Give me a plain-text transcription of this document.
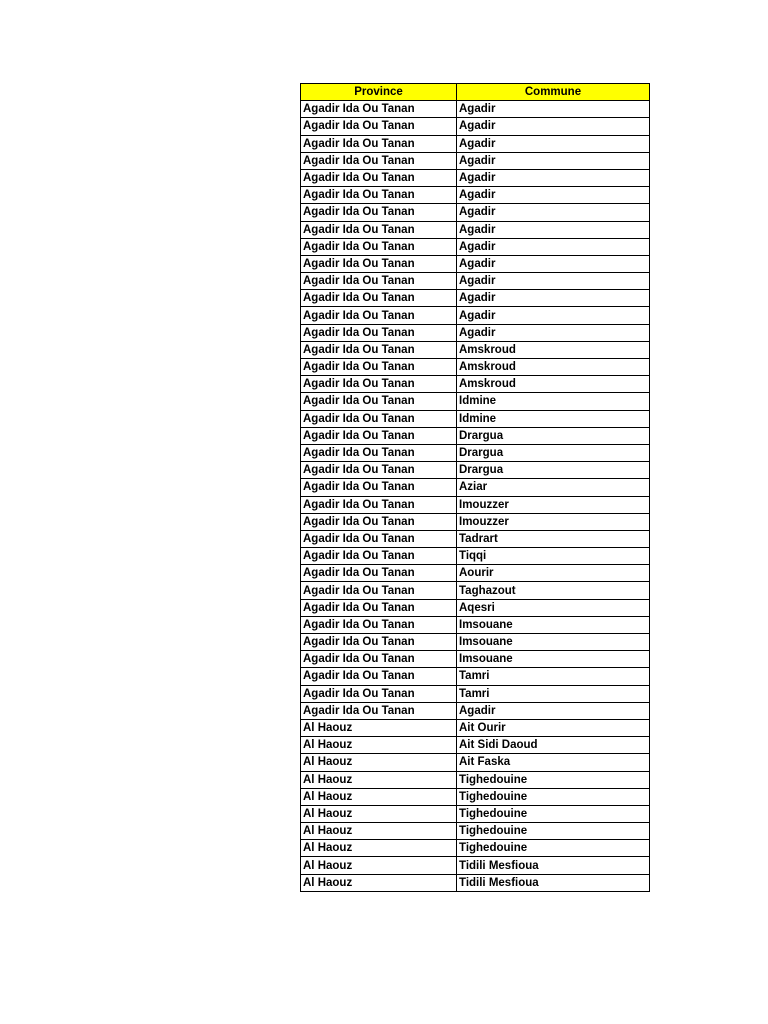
Province	Commune
Agadir Ida Ou Tanan	Agadir
Agadir Ida Ou Tanan	Agadir
Agadir Ida Ou Tanan	Agadir
Agadir Ida Ou Tanan	Agadir
Agadir Ida Ou Tanan	Agadir
Agadir Ida Ou Tanan	Agadir
Agadir Ida Ou Tanan	Agadir
Agadir Ida Ou Tanan	Agadir
Agadir Ida Ou Tanan	Agadir
Agadir Ida Ou Tanan	Agadir
Agadir Ida Ou Tanan	Agadir
Agadir Ida Ou Tanan	Agadir
Agadir Ida Ou Tanan	Agadir
Agadir Ida Ou Tanan	Agadir
Agadir Ida Ou Tanan	Amskroud
Agadir Ida Ou Tanan	Amskroud
Agadir Ida Ou Tanan	Amskroud
Agadir Ida Ou Tanan	Idmine
Agadir Ida Ou Tanan	Idmine
Agadir Ida Ou Tanan	Drargua
Agadir Ida Ou Tanan	Drargua
Agadir Ida Ou Tanan	Drargua
Agadir Ida Ou Tanan	Aziar
Agadir Ida Ou Tanan	Imouzzer
Agadir Ida Ou Tanan	Imouzzer
Agadir Ida Ou Tanan	Tadrart
Agadir Ida Ou Tanan	Tiqqi
Agadir Ida Ou Tanan	Aourir
Agadir Ida Ou Tanan	Taghazout
Agadir Ida Ou Tanan	Aqesri
Agadir Ida Ou Tanan	Imsouane
Agadir Ida Ou Tanan	Imsouane
Agadir Ida Ou Tanan	Imsouane
Agadir Ida Ou Tanan	Tamri
Agadir Ida Ou Tanan	Tamri
Agadir Ida Ou Tanan	Agadir
Al Haouz	Ait Ourir
Al Haouz	Ait Sidi Daoud
Al Haouz	Ait Faska
Al Haouz	Tighedouine
Al Haouz	Tighedouine
Al Haouz	Tighedouine
Al Haouz	Tighedouine
Al Haouz	Tighedouine
Al Haouz	Tidili Mesfioua
Al Haouz	Tidili Mesfioua
